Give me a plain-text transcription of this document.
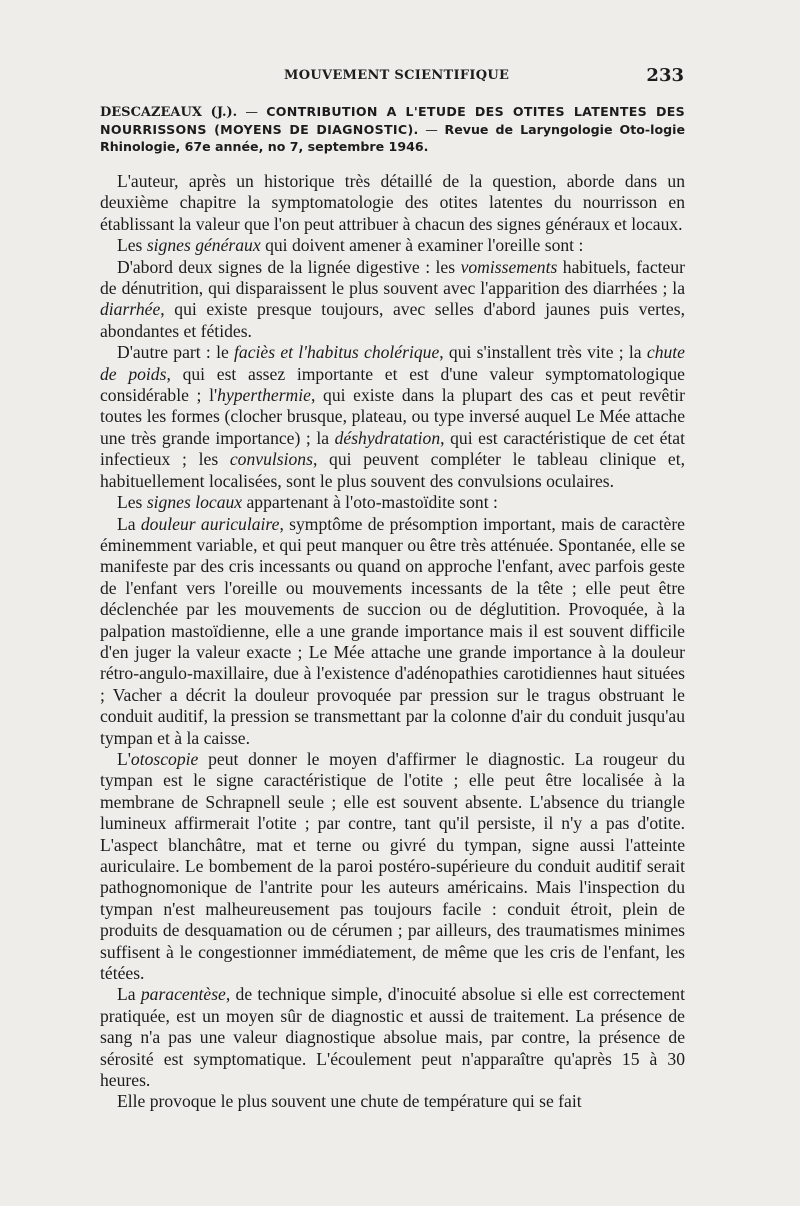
MOUVEMENT SCIENTIFIQUE	233
DESCAZEAUX (J.). — CONTRIBUTION A L'ETUDE DES OTITES LATENTES DES NOURRISSONS (MOYENS DE DIAGNOSTIC). — Revue de Laryngologie Oto-logie Rhinologie, 67e année, no 7, septembre 1946.

L'auteur, après un historique très détaillé de la question, aborde dans un deuxième chapitre la symptomatologie des otites latentes du nourrisson en établissant la valeur que l'on peut attribuer à chacun des signes généraux et locaux.

Les signes généraux qui doivent amener à examiner l'oreille sont :

D'abord deux signes de la lignée digestive : les vomissements habituels, facteur de dénutrition, qui disparaissent le plus souvent avec l'apparition des diarrhées ; la diarrhée, qui existe presque toujours, avec selles d'abord jaunes puis vertes, abondantes et fétides.

D'autre part : le faciès et l'habitus cholérique, qui s'installent très vite ; la chute de poids, qui est assez importante et est d'une valeur symptomatologique considérable ; l'hyperthermie, qui existe dans la plupart des cas et peut revêtir toutes les formes (clocher brusque, plateau, ou type inversé auquel Le Mée attache une très grande importance) ; la déshydratation, qui est caractéristique de cet état infectieux ; les convulsions, qui peuvent compléter le tableau clinique et, habituellement localisées, sont le plus souvent des convulsions oculaires.

Les signes locaux appartenant à l'oto-mastoïdite sont :

La douleur auriculaire, symptôme de présomption important, mais de caractère éminemment variable, et qui peut manquer ou être très atténuée. Spontanée, elle se manifeste par des cris incessants ou quand on approche l'enfant, avec parfois geste de l'enfant vers l'oreille ou mouvements incessants de la tête ; elle peut être déclenchée par les mouvements de succion ou de déglutition. Provoquée, à la palpation mastoïdienne, elle a une grande importance mais il est souvent difficile d'en juger la valeur exacte ; Le Mée attache une grande importance à la douleur rétro-angulo-maxillaire, due à l'existence d'adénopathies carotidiennes haut situées ; Vacher a décrit la douleur provoquée par pression sur le tragus obstruant le conduit auditif, la pression se transmettant par la colonne d'air du conduit jusqu'au tympan et à la caisse.

L'otoscopie peut donner le moyen d'affirmer le diagnostic. La rougeur du tympan est le signe caractéristique de l'otite ; elle peut être localisée à la membrane de Schrapnell seule ; elle est souvent absente. L'absence du triangle lumineux affirmerait l'otite ; par contre, tant qu'il persiste, il n'y a pas d'otite. L'aspect blanchâtre, mat et terne ou givré du tympan, signe aussi l'atteinte auriculaire. Le bombement de la paroi postéro-supérieure du conduit auditif serait pathognomonique de l'antrite pour les auteurs américains. Mais l'inspection du tympan n'est malheureusement pas toujours facile : conduit étroit, plein de produits de desquamation ou de cérumen ; par ailleurs, des traumatismes minimes suffisent à le congestionner immédiatement, de même que les cris de l'enfant, les tétées.

La paracentèse, de technique simple, d'inocuité absolue si elle est correctement pratiquée, est un moyen sûr de diagnostic et aussi de traitement. La présence de sang n'a pas une valeur diagnostique absolue mais, par contre, la présence de sérosité est symptomatique. L'écoulement peut n'apparaître qu'après 15 à 30 heures.

Elle provoque le plus souvent une chute de température qui se fait
